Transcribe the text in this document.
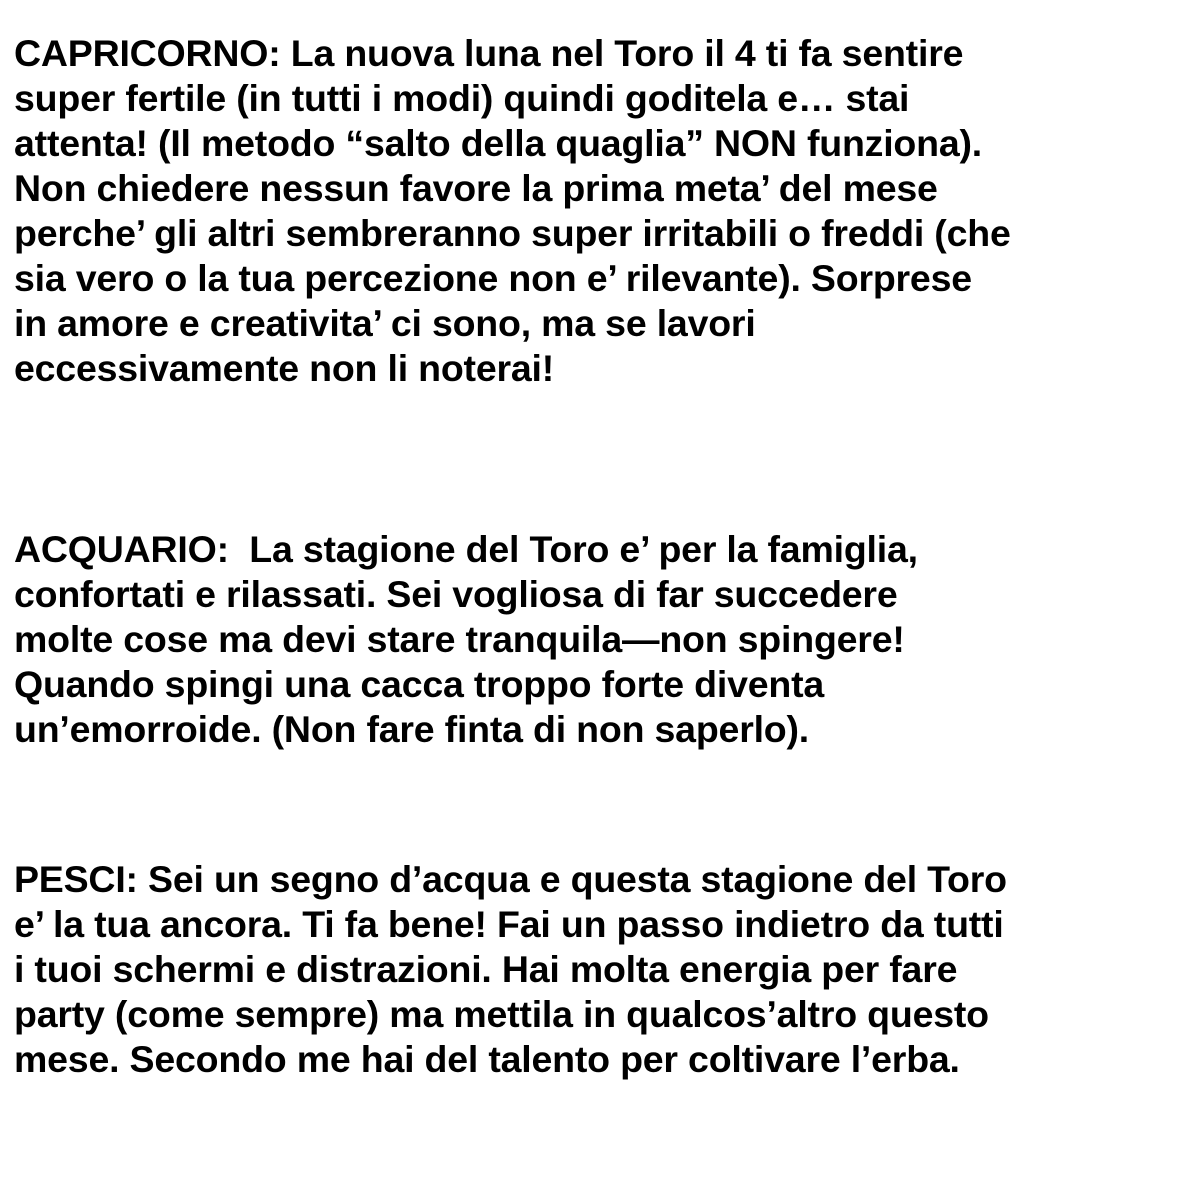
CAPRICORNO: La nuova luna nel Toro il 4 ti fa sentire
super fertile (in tutti i modi) quindi goditela e… stai
attenta! (Il metodo “salto della quaglia” NON funziona).
Non chiedere nessun favore la prima meta’ del mese
perche’ gli altri sembreranno super irritabili o freddi (che
sia vero o la tua percezione non e’ rilevante). Sorprese
in amore e creativita’ ci sono, ma se lavori
eccessivamente non li noterai!
ACQUARIO:  La stagione del Toro e’ per la famiglia,
confortati e rilassati. Sei vogliosa di far succedere
molte cose ma devi stare tranquila—non spingere!
Quando spingi una cacca troppo forte diventa
un’emorroide. (Non fare finta di non saperlo).
PESCI: Sei un segno d’acqua e questa stagione del Toro
e’ la tua ancora. Ti fa bene! Fai un passo indietro da tutti
i tuoi schermi e distrazioni. Hai molta energia per fare
party (come sempre) ma mettila in qualcos’altro questo
mese. Secondo me hai del talento per coltivare l’erba.
